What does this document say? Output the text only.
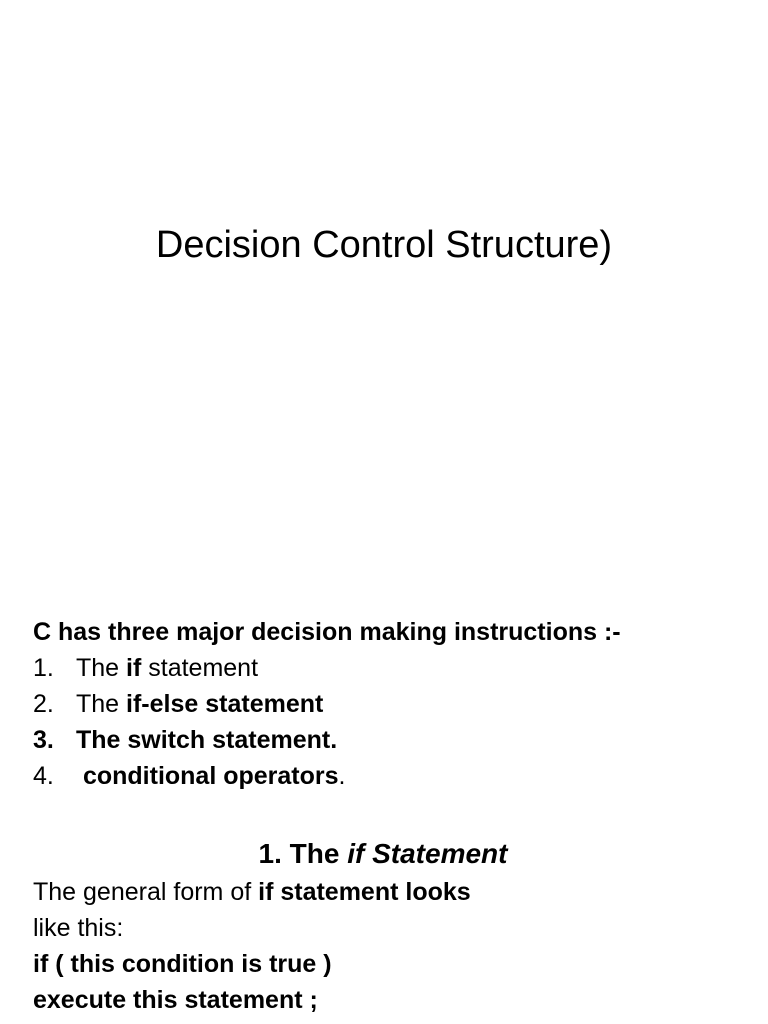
Decision Control Structure)

C has three major decision making instructions :-

1. The if statement
2. The if-else statement
3. The switch statement.
4.	conditional operators.
1. The if Statement

The general form of if statement looks

like this:

if ( this condition is true )

execute this statement ;
